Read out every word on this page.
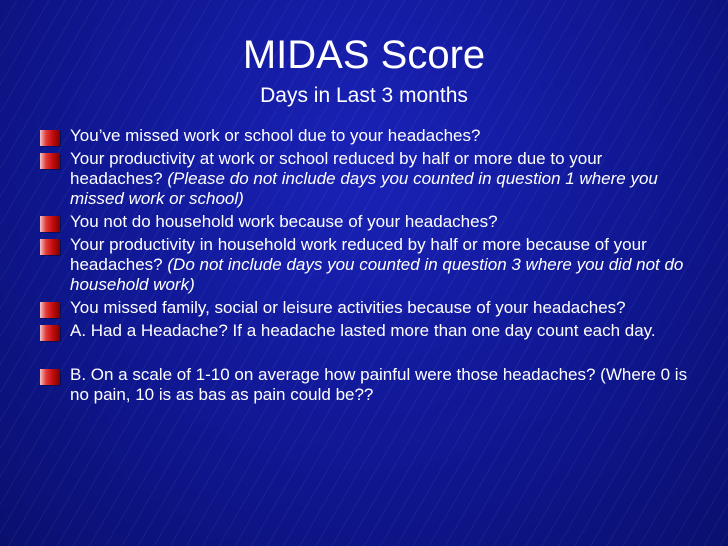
MIDAS Score
Days in Last 3 months
You’ve missed work or school due to your headaches?
Your productivity at work or school reduced by half or more due to your headaches? (Please do not include days you counted in question 1 where you missed work or school)
You not do household work because of your headaches?
Your productivity in household work reduced by half or more because of your headaches? (Do not include days you counted in question 3 where you did not do household work)
You missed family, social or leisure activities because of your headaches?
A. Had a Headache? If a headache lasted more than one day count each day.
B. On a scale of 1-10 on average how painful were those headaches? (Where 0 is no pain, 10 is as bas as pain could be??
